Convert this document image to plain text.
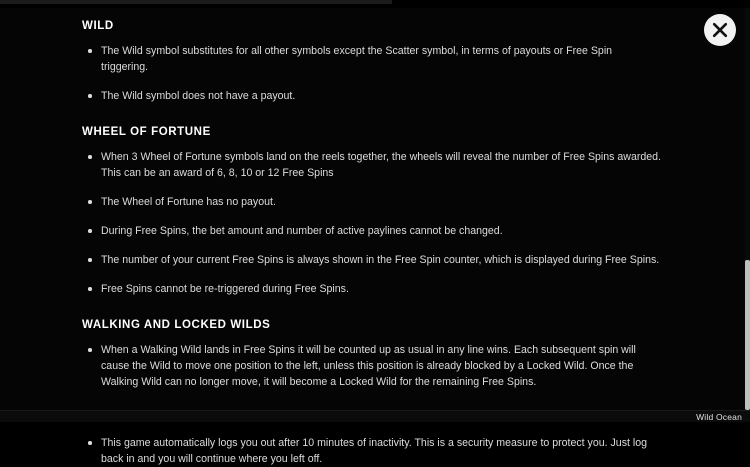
WILD
The Wild symbol substitutes for all other symbols except the Scatter symbol, in terms of payouts or Free Spin triggering.
The Wild symbol does not have a payout.
WHEEL OF FORTUNE
When 3 Wheel of Fortune symbols land on the reels together, the wheels will reveal the number of Free Spins awarded. This can be an award of 6, 8, 10 or 12 Free Spins
The Wheel of Fortune has no payout.
During Free Spins, the bet amount and number of active paylines cannot be changed.
The number of your current Free Spins is always shown in the Free Spin counter, which is displayed during Free Spins.
Free Spins cannot be re-triggered during Free Spins.
WALKING AND LOCKED WILDS
When a Walking Wild lands in Free Spins it will be counted up as usual in any line wins. Each subsequent spin will cause the Wild to move one position to the left, unless this position is already blocked by a Locked Wild. Once the Walking Wild can no longer move, it will become a Locked Wild for the remaining Free Spins.
This game automatically logs you out after 10 minutes of inactivity. This is a security measure to protect you. Just log back in and you will continue where you left off.
Wild Ocean
